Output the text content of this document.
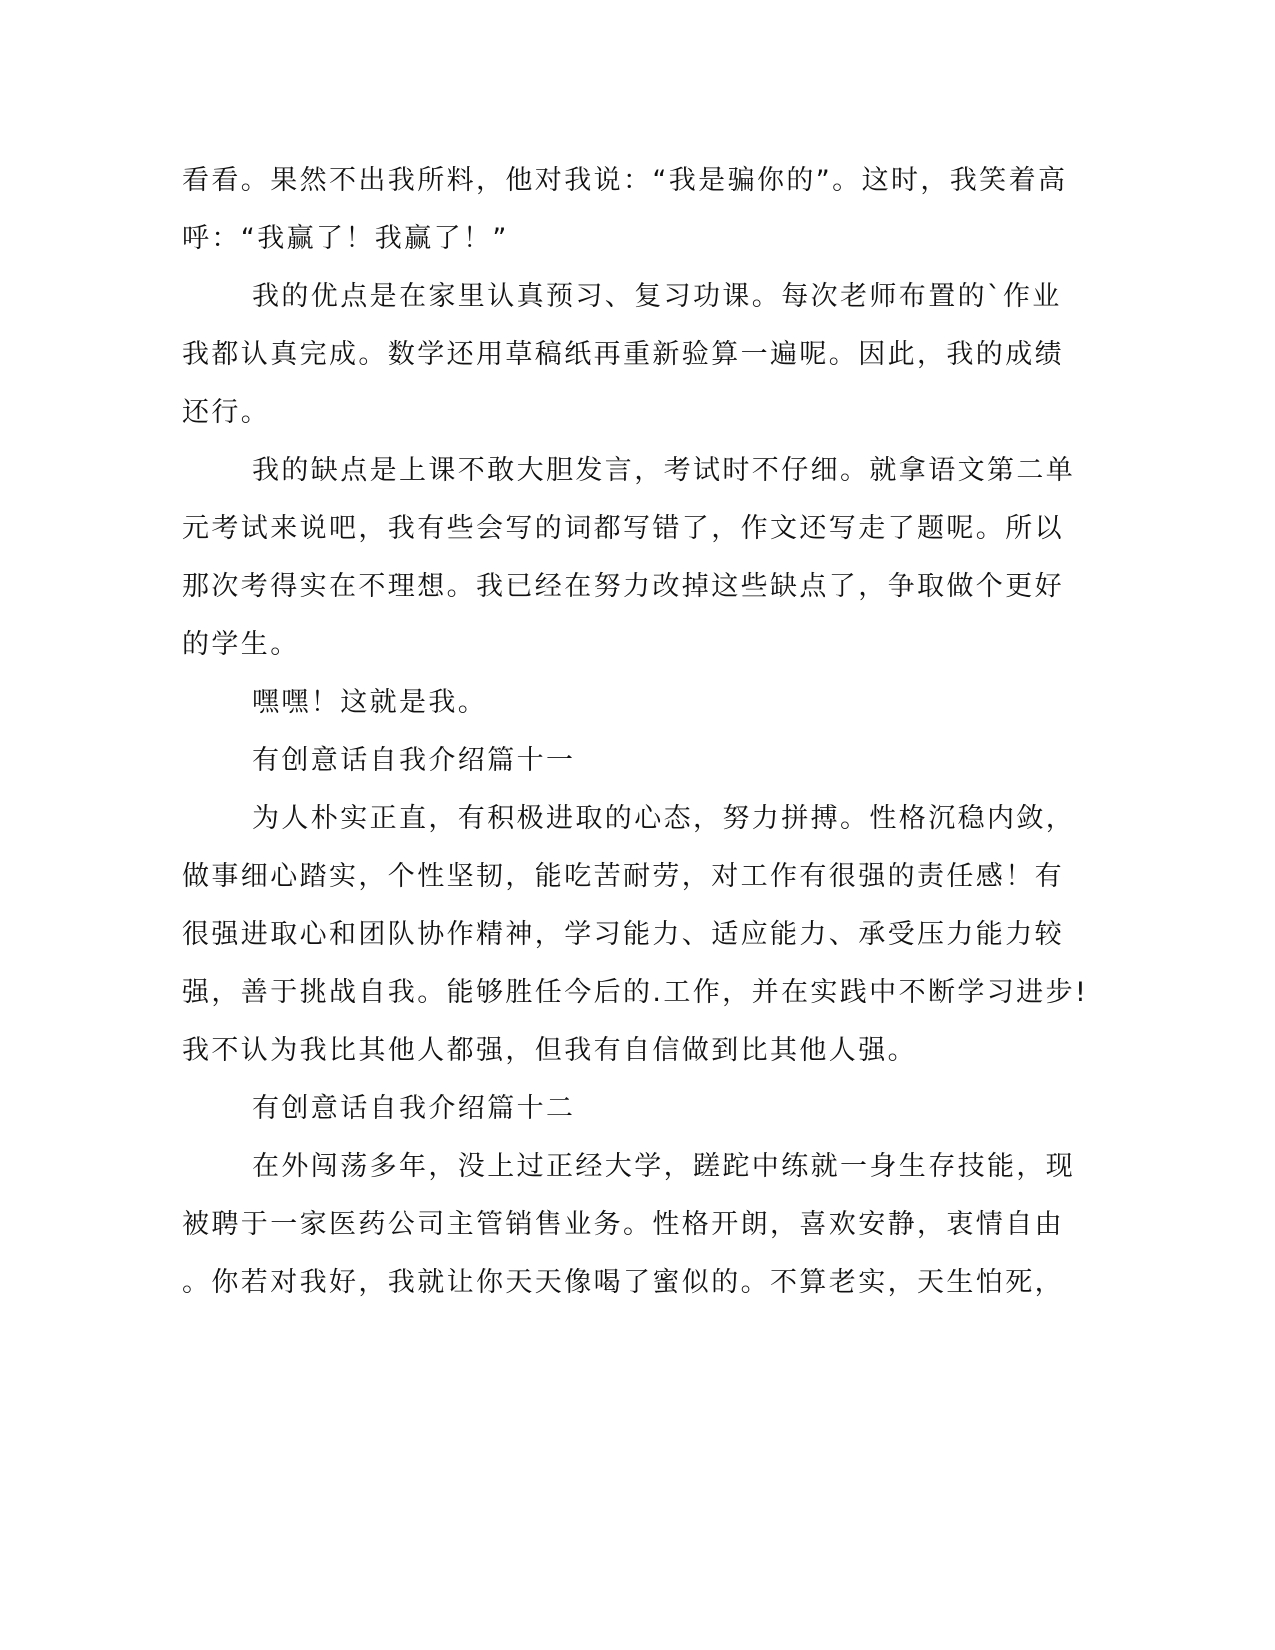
看看。果然不出我所料，他对我说：“我是骗你的”。这时，我笑着高
呼：“我赢了！我赢了！”
我的优点是在家里认真预习、复习功课。每次老师布置的`作业
我都认真完成。数学还用草稿纸再重新验算一遍呢。因此，我的成绩
还行。
我的缺点是上课不敢大胆发言，考试时不仔细。就拿语文第二单
元考试来说吧，我有些会写的词都写错了，作文还写走了题呢。所以
那次考得实在不理想。我已经在努力改掉这些缺点了，争取做个更好
的学生。
嘿嘿！这就是我。
有创意话自我介绍篇十一
为人朴实正直，有积极进取的心态，努力拼搏。性格沉稳内敛，
做事细心踏实，个性坚韧，能吃苦耐劳，对工作有很强的责任感！有
很强进取心和团队协作精神，学习能力、适应能力、承受压力能力较
强，善于挑战自我。能够胜任今后的.工作，并在实践中不断学习进步!
我不认为我比其他人都强，但我有自信做到比其他人强。
有创意话自我介绍篇十二
在外闯荡多年，没上过正经大学，蹉跎中练就一身生存技能，现
被聘于一家医药公司主管销售业务。性格开朗，喜欢安静，衷情自由
。你若对我好，我就让你天天像喝了蜜似的。不算老实，天生怕死，
